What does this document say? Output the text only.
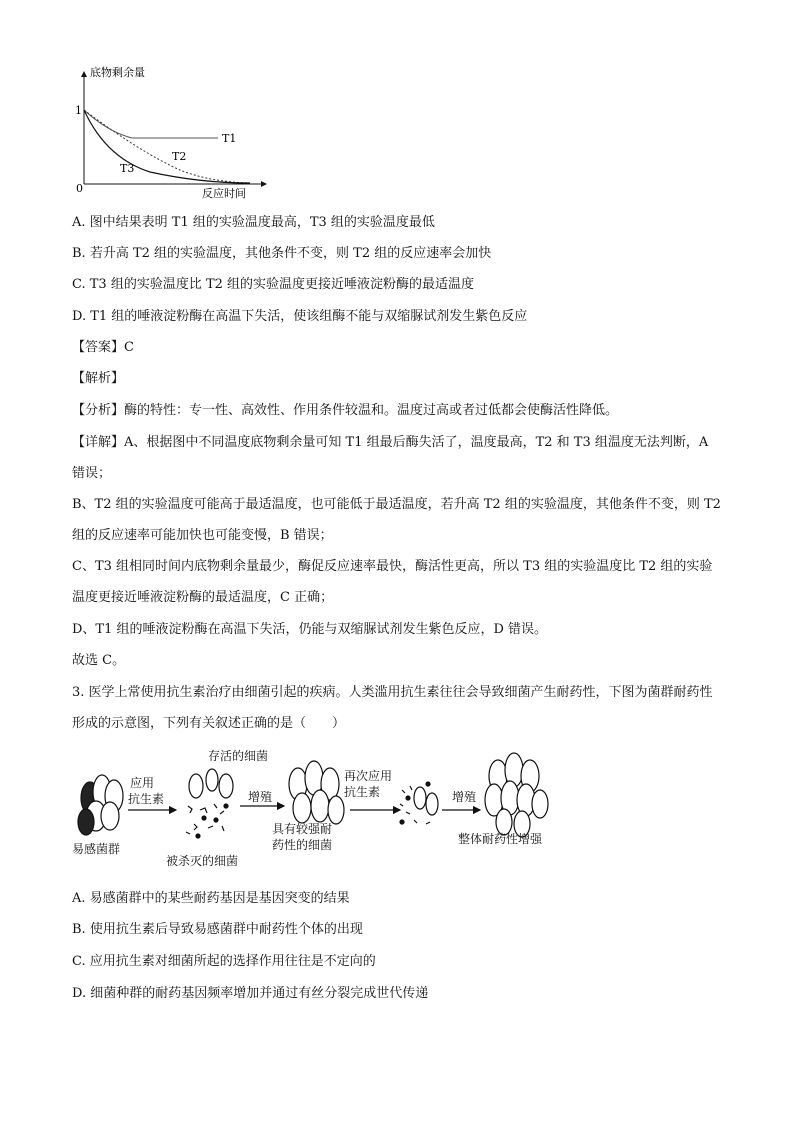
底物剩余量
1
0	反应时间
T1
T2
T3
A. 图中结果表明 T1 组的实验温度最高，T3 组的实验温度最低
B. 若升高 T2 组的实验温度，其他条件不变，则 T2 组的反应速率会加快
C. T3 组的实验温度比 T2 组的实验温度更接近唾液淀粉酶的最适温度
D. T1 组的唾液淀粉酶在高温下失活，使该组酶不能与双缩脲试剂发生紫色反应
【答案】C
【解析】
【分析】酶的特性：专一性、高效性、作用条件较温和。温度过高或者过低都会使酶活性降低。
【详解】A、根据图中不同温度底物剩余量可知 T1 组最后酶失活了，温度最高，T2 和 T3 组温度无法判断，A 错误；
B、T2 组的实验温度可能高于最适温度，也可能低于最适温度，若升高 T2 组的实验温度，其他条件不变，则 T2 组的反应速率可能加快也可能变慢，B 错误；
C、T3 组相同时间内底物剩余量最少，酶促反应速率最快，酶活性更高，所以 T3 组的实验温度比 T2 组的实验温度更接近唾液淀粉酶的最适温度，C 正确；
D、T1 组的唾液淀粉酶在高温下失活，仍能与双缩脲试剂发生紫色反应，D 错误。
故选 C。
3. 医学上常使用抗生素治疗由细菌引起的疾病。人类滥用抗生素往往会导致细菌产生耐药性，下图为菌群耐药性形成的示意图，下列有关叙述正确的是（　　）
易感菌群
应用
抗生素
存活的细菌
被杀灭的细菌
增殖
具有较强耐
药性的细菌
再次应用
抗生素	增殖
整体耐药性增强
A. 易感菌群中的某些耐药基因是基因突变的结果
B. 使用抗生素后导致易感菌群中耐药性个体的出现
C. 应用抗生素对细菌所起的选择作用往往是不定向的
D. 细菌种群的耐药基因频率增加并通过有丝分裂完成世代传递
